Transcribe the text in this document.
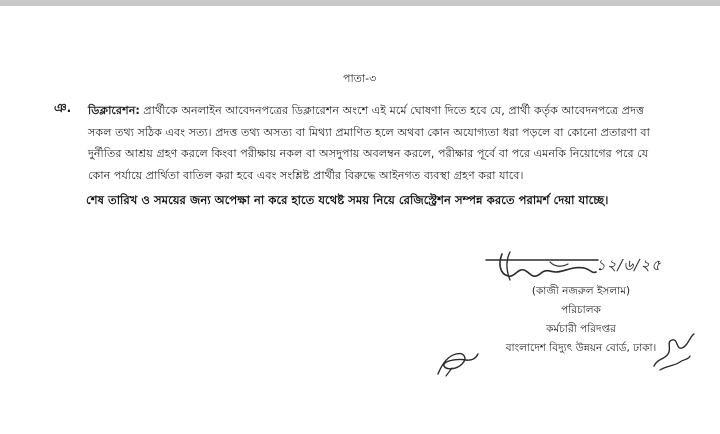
পাতা-৩
ঞ. ডিক্লারেশন: প্রার্থীকে অনলাইন আবেদনপত্রের ডিক্লারেশন অংশে এই মর্মে ঘোষণা দিতে হবে যে, প্রার্থী কর্তৃক আবেদনপত্রে প্রদত্ত
সকল তথ্য সঠিক এবং সত্য। প্রদত্ত তথ্য অসত্য বা মিথ্যা প্রমাণিত হলে অথবা কোন অযোগ্যতা ধরা পড়লে বা কোনো প্রতারণা বা
দুর্নীতির আশ্রয় গ্রহণ করলে কিংবা পরীক্ষায় নকল বা অসদুপায় অবলম্বন করলে, পরীক্ষার পূর্বে বা পরে এমনকি নিয়োগের পরে যে
কোন পর্যায়ে প্রার্থিতা বাতিল করা হবে এবং সংশ্লিষ্ট প্রার্থীর বিরুদ্ধে আইনগত ব্যবস্থা গ্রহণ করা যাবে।
শেষ তারিখ ও সময়ের জন্য অপেক্ষা না করে হাতে যথেষ্ট সময় নিয়ে রেজিস্ট্রেশন সম্পন্ন করতে পরামর্শ দেয়া যাচ্ছে।
১২/৬/২৫
(কাজী নজরুল ইসলাম)
পরিচালক
কর্মচারী পরিদপ্তর
বাংলাদেশ বিদ্যুৎ উন্নয়ন বোর্ড, ঢাকা।
